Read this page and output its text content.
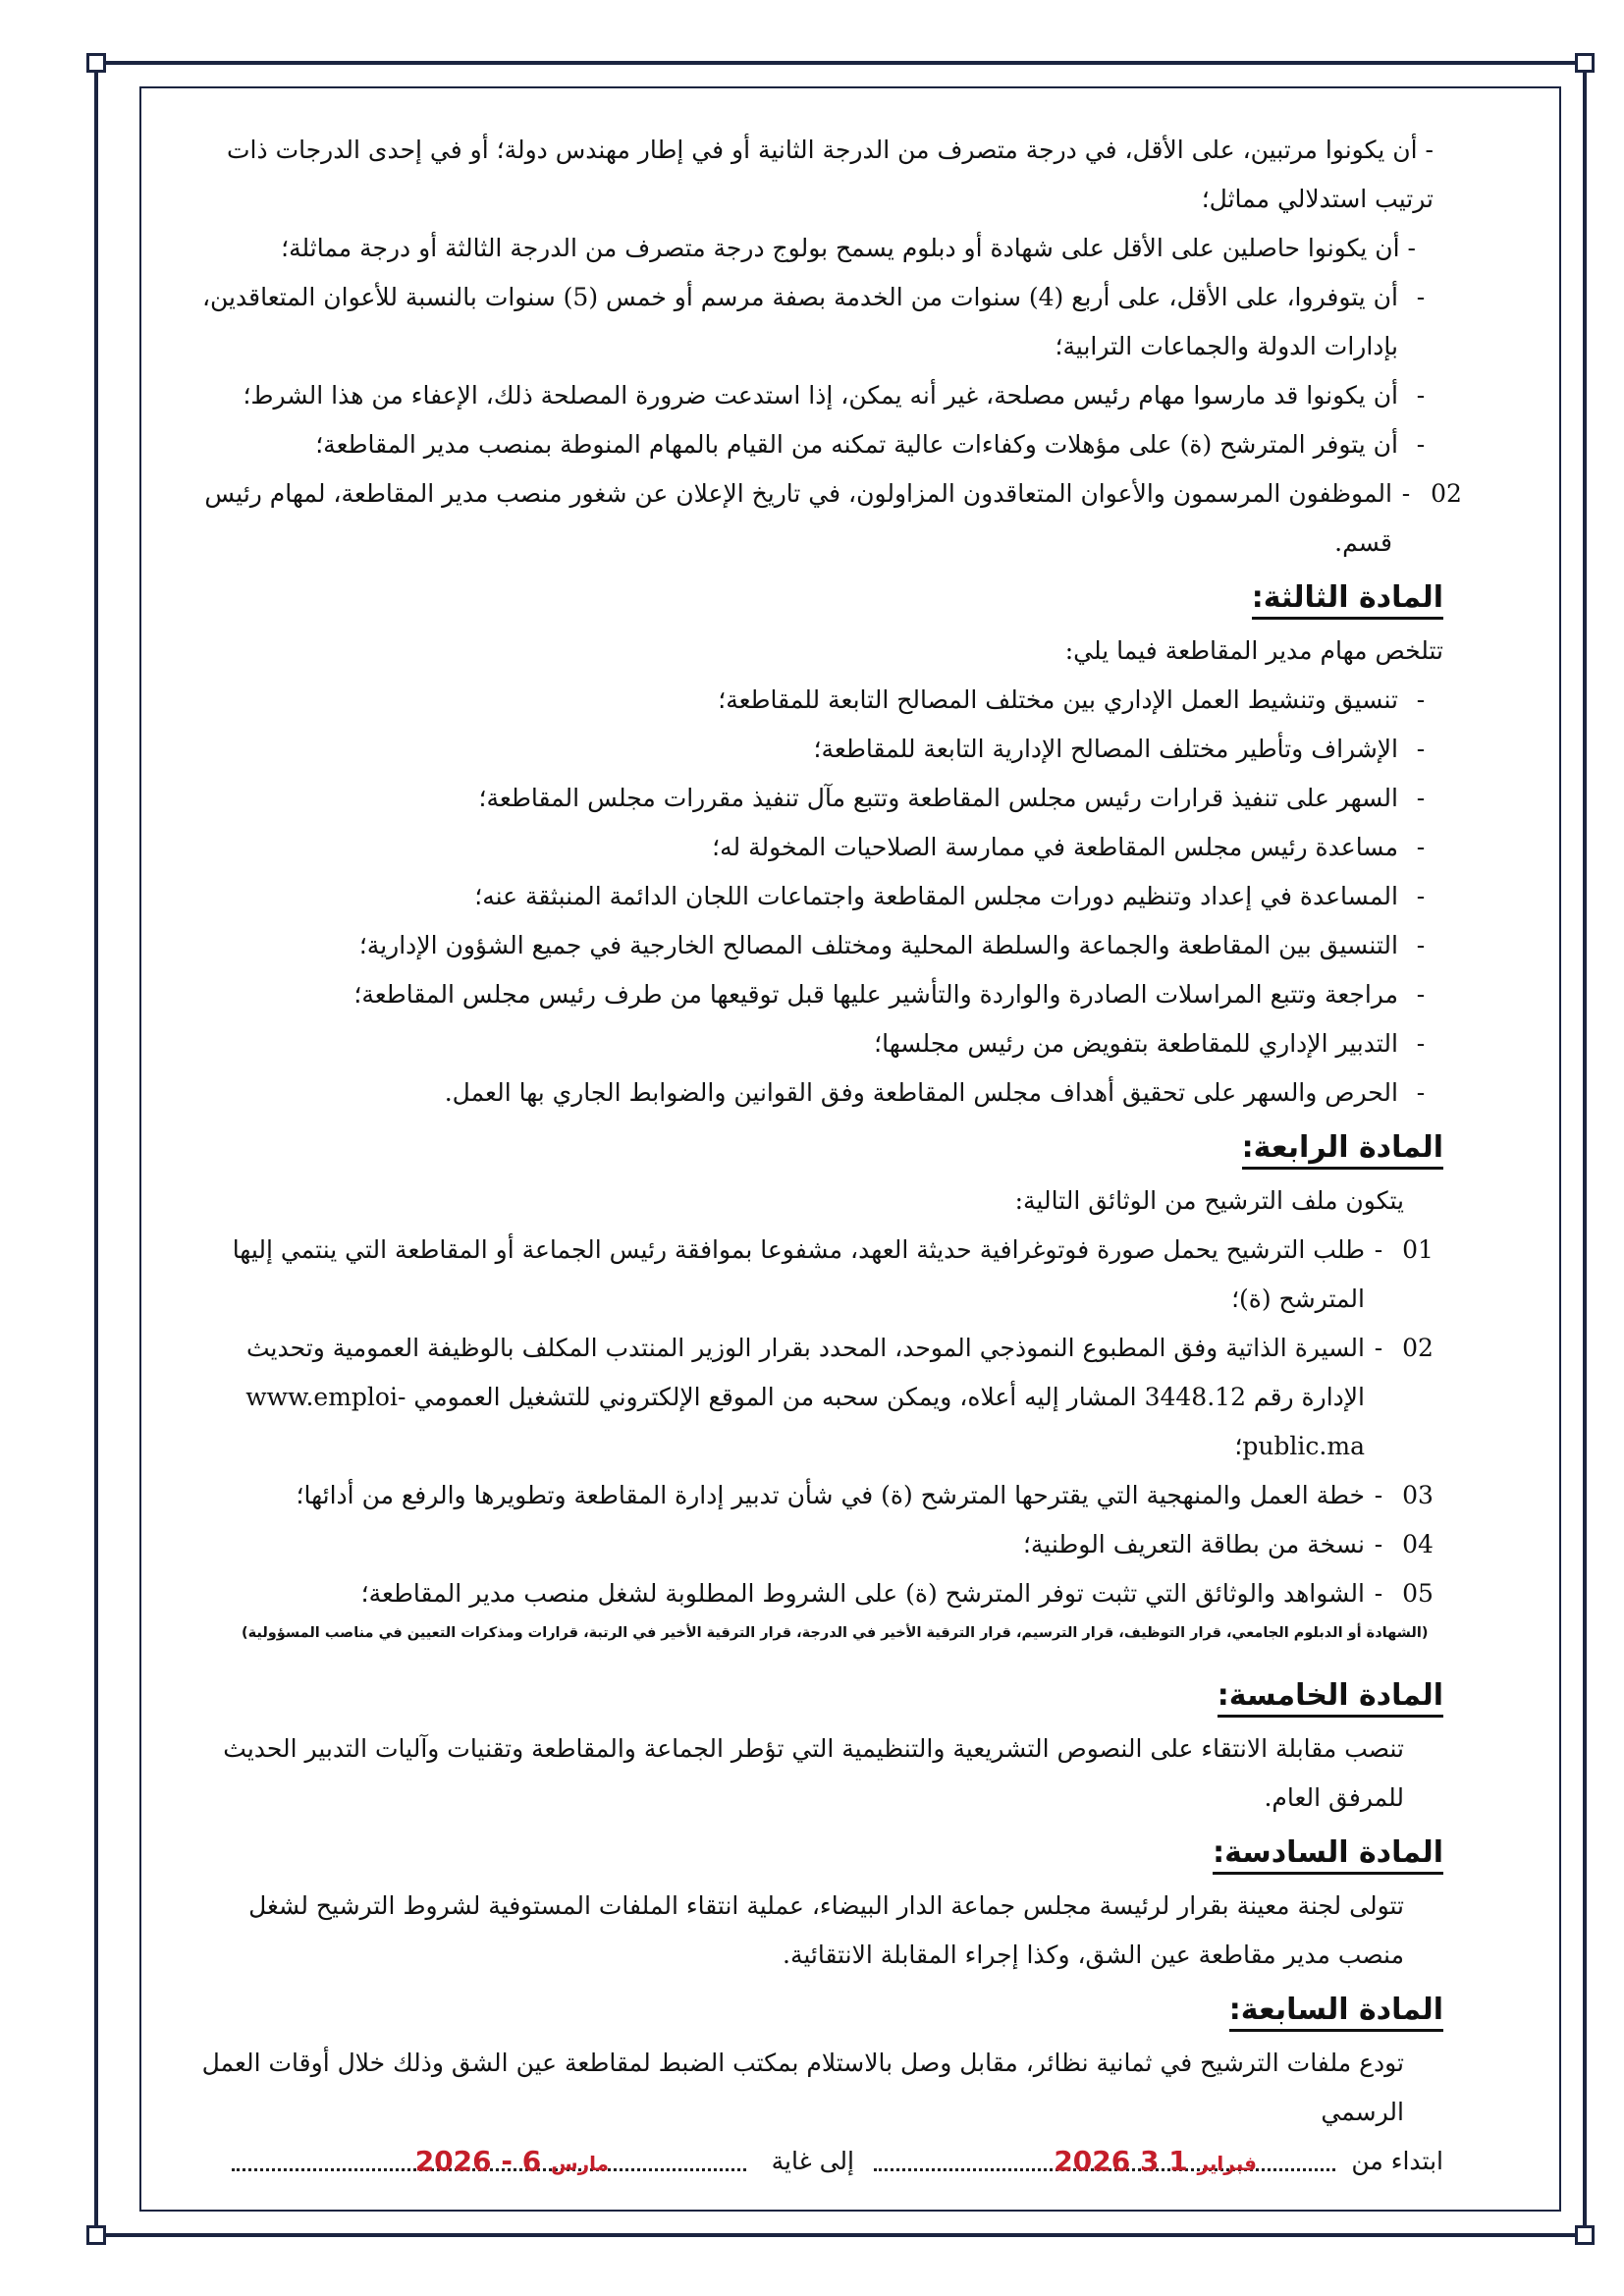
- أن يكونوا مرتبين، على الأقل، في درجة متصرف من الدرجة الثانية أو في إطار مهندس دولة؛ أو في إحدى الدرجات ذات ترتيب استدلالي مماثل؛

- أن يكونوا حاصلين على الأقل على شهادة أو دبلوم يسمح بولوج درجة متصرف من الدرجة الثالثة أو درجة مماثلة؛

-
أن يتوفروا، على الأقل، على أربع (4) سنوات من الخدمة بصفة مرسم أو خمس (5) سنوات بالنسبة للأعوان المتعاقدين، بإدارات الدولة والجماعات الترابية؛
-
أن يكونوا قد مارسوا مهام رئيس مصلحة، غير أنه يمكن، إذا استدعت ضرورة المصلحة ذلك، الإعفاء من هذا الشرط؛
-
أن يتوفر المترشح (ة) على مؤهلات وكفاءات عالية تمكنه من القيام بالمهام المنوطة بمنصب مدير المقاطعة؛
02
-
الموظفون المرسمون والأعوان المتعاقدون المزاولون، في تاريخ الإعلان عن شغور منصب مدير المقاطعة، لمهام رئيس قسم.
المادة الثالثة:

تتلخص مهام مدير المقاطعة فيما يلي:

-
تنسيق وتنشيط العمل الإداري بين مختلف المصالح التابعة للمقاطعة؛
-
الإشراف وتأطير مختلف المصالح الإدارية التابعة للمقاطعة؛
-
السهر على تنفيذ قرارات رئيس مجلس المقاطعة وتتبع مآل تنفيذ مقررات مجلس المقاطعة؛
-
مساعدة رئيس مجلس المقاطعة في ممارسة الصلاحيات المخولة له؛
-
المساعدة في إعداد وتنظيم دورات مجلس المقاطعة واجتماعات اللجان الدائمة المنبثقة عنه؛
-
التنسيق بين المقاطعة والجماعة والسلطة المحلية ومختلف المصالح الخارجية في جميع الشؤون الإدارية؛
-
مراجعة وتتبع المراسلات الصادرة والواردة والتأشير عليها قبل توقيعها من طرف رئيس مجلس المقاطعة؛
-
التدبير الإداري للمقاطعة بتفويض من رئيس مجلسها؛
-
الحرص والسهر على تحقيق أهداف مجلس المقاطعة وفق القوانين والضوابط الجاري بها العمل.
المادة الرابعة:

يتكون ملف الترشيح من الوثائق التالية:

01
-
طلب الترشيح يحمل صورة فوتوغرافية حديثة العهد، مشفوعا بموافقة رئيس الجماعة أو المقاطعة التي ينتمي إليها المترشح (ة)؛
02
-
السيرة الذاتية وفق المطبوع النموذجي الموحد، المحدد بقرار الوزير المنتدب المكلف بالوظيفة العمومية وتحديث الإدارة رقم 3448.12 المشار إليه أعلاه، ويمكن سحبه من الموقع الإلكتروني للتشغيل العمومي www.emploi-public.ma؛
03
-
خطة العمل والمنهجية التي يقترحها المترشح (ة) في شأن تدبير إدارة المقاطعة وتطويرها والرفع من أدائها؛
04
-
نسخة من بطاقة التعريف الوطنية؛
05
-
الشواهد والوثائق التي تثبت توفر المترشح (ة) على الشروط المطلوبة لشغل منصب مدير المقاطعة؛

(الشهادة أو الدبلوم الجامعي، قرار التوظيف، قرار الترسيم، قرار الترقية الأخير في الدرجة، قرار الترقية الأخير في الرتبة، قرارات ومذكرات التعيين في مناصب المسؤولية)

المادة الخامسة:

تنصب مقابلة الانتقاء على النصوص التشريعية والتنظيمية التي تؤطر الجماعة والمقاطعة وتقنيات وآليات التدبير الحديث للمرفق العام.

المادة السادسة:

تتولى لجنة معينة بقرار لرئيسة مجلس جماعة الدار البيضاء، عملية انتقاء الملفات المستوفية لشروط الترشيح لشغل منصب مدير مقاطعة عين الشق، وكذا إجراء المقابلة الانتقائية.

المادة السابعة:

تودع ملفات الترشيح في ثمانية نظائر، مقابل وصل بالاستلام بمكتب الضبط لمقاطعة عين الشق وذلك خلال أوقات العمل الرسمي

ابتداء من
2026	فبراير 1 3
إلى غاية
2026 - مارس 6
